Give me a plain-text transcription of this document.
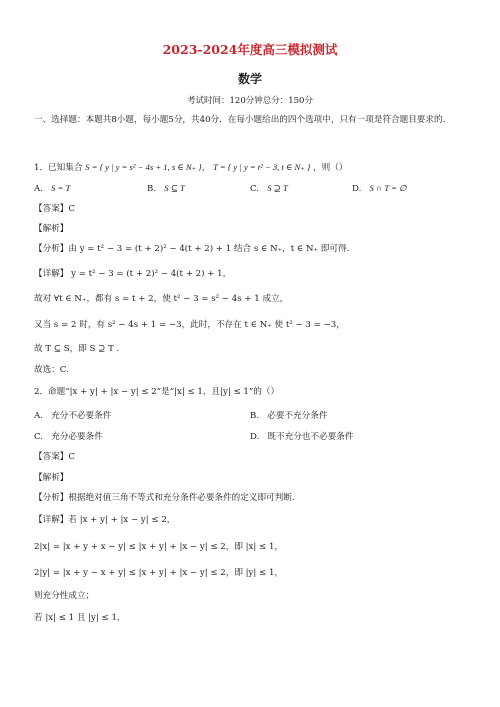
2023-2024年度高三模拟测试
数学
考试时间：120分钟总分：150分
一、选择题：本题共8小题，每小题5分，共40分．在每小题给出的四个选项中，只有一项是符合题目要求的.
1．已知集合 S = { y | y = s² − 4s + 1, s ∈ N₊ }， T = { y | y = t² − 3, t ∈ N₊ } ，则（）
A. S = T	B. S ⊆ T	C. S ⊇ T	D. S ∩ T = ∅
【答案】C
【解析】
【分析】由 y = t² − 3 = (t + 2)² − 4(t + 2) + 1 结合 s ∈ N₊，t ∈ N₊ 即可得.
【详解】 y = t² − 3 = (t + 2)² − 4(t + 2) + 1，
故对 ∀t ∈ N₊，都有 s = t + 2，使 t² − 3 = s² − 4s + 1 成立，
又当 s = 2 时，有 s² − 4s + 1 = −3，此时，不存在 t ∈ N₊ 使 t² − 3 = −3，
故 T ⊆ S，即 S ⊇ T .
故选：C.
2．命题“|x + y| + |x − y| ≤ 2”是“|x| ≤ 1，且|y| ≤ 1”的（）
A. 充分不必要条件	B. 必要不充分条件
C. 充分必要条件	D. 既不充分也不必要条件
【答案】C
【解析】
【分析】根据绝对值三角不等式和充分条件必要条件的定义即可判断.
【详解】若 |x + y| + |x − y| ≤ 2，
2|x| = |x + y + x − y| ≤ |x + y| + |x − y| ≤ 2，即 |x| ≤ 1，
2|y| = |x + y − x + y| ≤ |x + y| + |x − y| ≤ 2，即 |y| ≤ 1，
则充分性成立；
若 |x| ≤ 1 且 |y| ≤ 1，
